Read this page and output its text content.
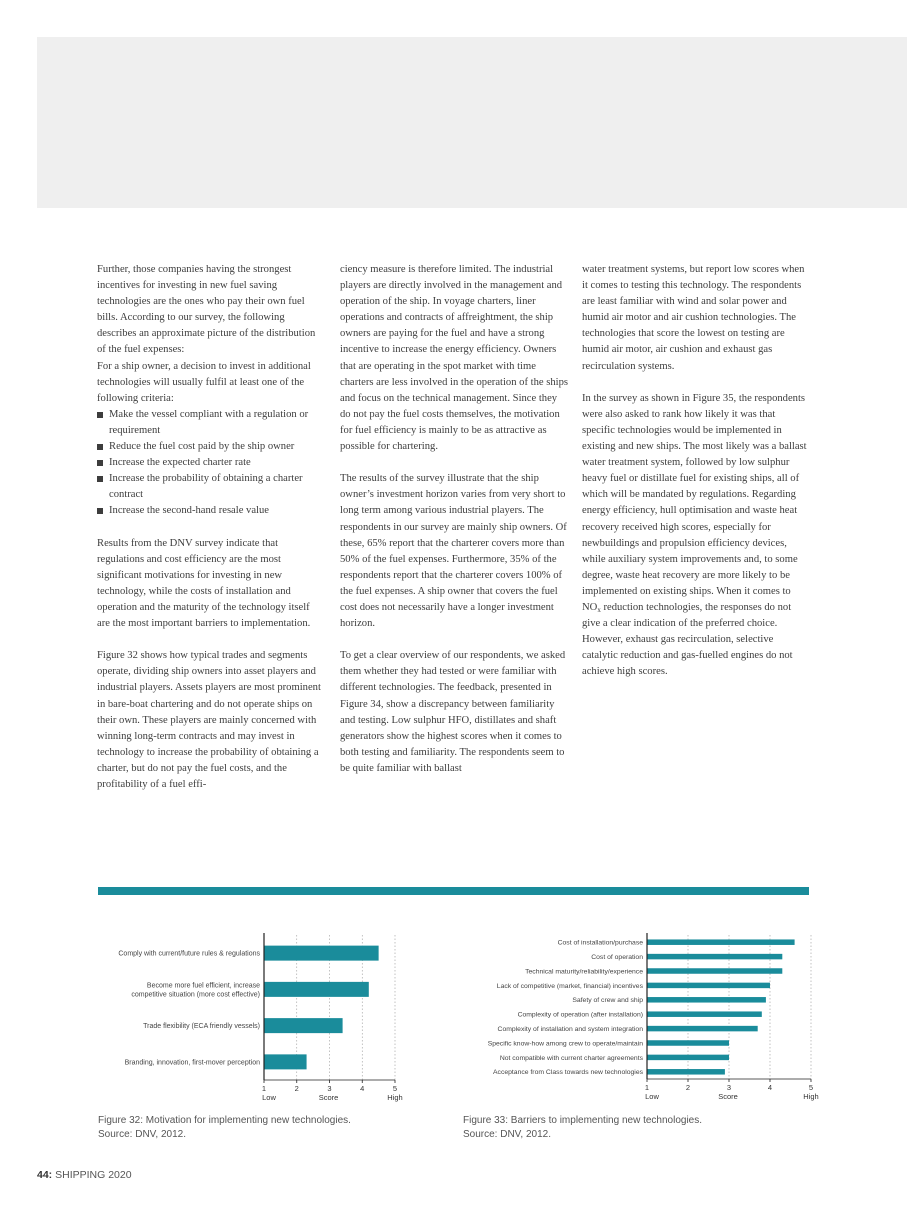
Further, those companies having the strongest incentives for investing in new fuel saving technologies are the ones who pay their own fuel bills. According to our survey, the following describes an approximate picture of the distribution of the fuel expenses:

For a ship owner, a decision to invest in additional technologies will usually fulfil at least one of the following criteria:

Make the vessel compliant with a regulation or requirement
Reduce the fuel cost paid by the ship owner
Increase the expected charter rate
Increase the probability of obtaining a charter contract
Increase the second-hand resale value

Results from the DNV survey indicate that regulations and cost efficiency are the most significant motivations for investing in new technology, while the costs of installation and operation and the maturity of the technology itself are the most important barriers to implementation.

Figure 32 shows how typical trades and segments operate, dividing ship owners into asset players and industrial players. Assets players are most prominent in bare-boat chartering and do not operate ships on their own. These players are mainly concerned with winning long-term contracts and may invest in technology to increase the probability of obtaining a charter, but do not pay the fuel costs, and the profitability of a fuel effi-

ciency measure is therefore limited. The industrial players are directly involved in the management and operation of the ship. In voyage charters, liner operations and contracts of affreightment, the ship owners are paying for the fuel and have a strong incentive to increase the energy efficiency. Owners that are operating in the spot market with time charters are less involved in the operation of the ships and focus on the technical management. Since they do not pay the fuel costs themselves, the motivation for fuel efficiency is mainly to be as attractive as possible for chartering.

The results of the survey illustrate that the ship owner’s investment horizon varies from very short to long term among various industrial players. The respondents in our survey are mainly ship owners. Of these, 65% report that the charterer covers more than 50% of the fuel expenses. Furthermore, 35% of the respondents report that the charterer covers 100% of the fuel expenses. A ship owner that covers the fuel cost does not necessarily have a longer investment horizon.

To get a clear overview of our respondents, we asked them whether they had tested or were familiar with different technologies. The feedback, presented in Figure 34, show a discrepancy between familiarity and testing. Low sulphur HFO, distillates and shaft generators show the highest scores when it comes to both testing and familiarity. The respondents seem to be quite familiar with ballast

water treatment systems, but report low scores when it comes to testing this technology. The respondents are least familiar with wind and solar power and humid air motor and air cushion technologies. The technologies that score the lowest on testing are humid air motor, air cushion and exhaust gas recirculation systems.

In the survey as shown in Figure 35, the respondents were also asked to rank how likely it was that specific technologies would be implemented in existing and new ships. The most likely was a ballast water treatment system, followed by low sulphur heavy fuel or distillate fuel for existing ships, all of which will be mandated by regulations. Regarding energy efficiency, hull optimisation and waste heat recovery received high scores, especially for newbuildings and propulsion efficiency devices, while auxiliary system improvements and, to some degree, waste heat recovery are more likely to be implemented on existing ships. When it comes to $NO_x$ reduction technologies, the responses do not give a clear indication of the preferred choice. However, exhaust gas recirculation, selective catalytic reduction and gas-fuelled engines do not achieve high scores.

Comply with current/future rules & regulations
Become more fuel efficient, increase
competitive situation (more cost effective)
Trade flexibility (ECA friendly vessels)
Branding, innovation, first-mover perception
1	2	3	4	5
Low	Score	High
Cost of installation/purchase
Cost of operation
Technical maturity/reliability/experience
Lack of competitive (market, financial) incentives
Safety of crew and ship
Complexity of operation (after installation)
Complexity of installation and system integration
Specific know-how among crew to operate/maintain
Not compatible with current charter agreements
Acceptance from Class towards new technologies
1	2	3	4	5
Low	Score	High
Figure 32: Motivation for implementing new technologies.
Source: DNV, 2012.
Figure 33: Barriers to implementing new technologies.
Source: DNV, 2012.
44: SHIPPING 2020
